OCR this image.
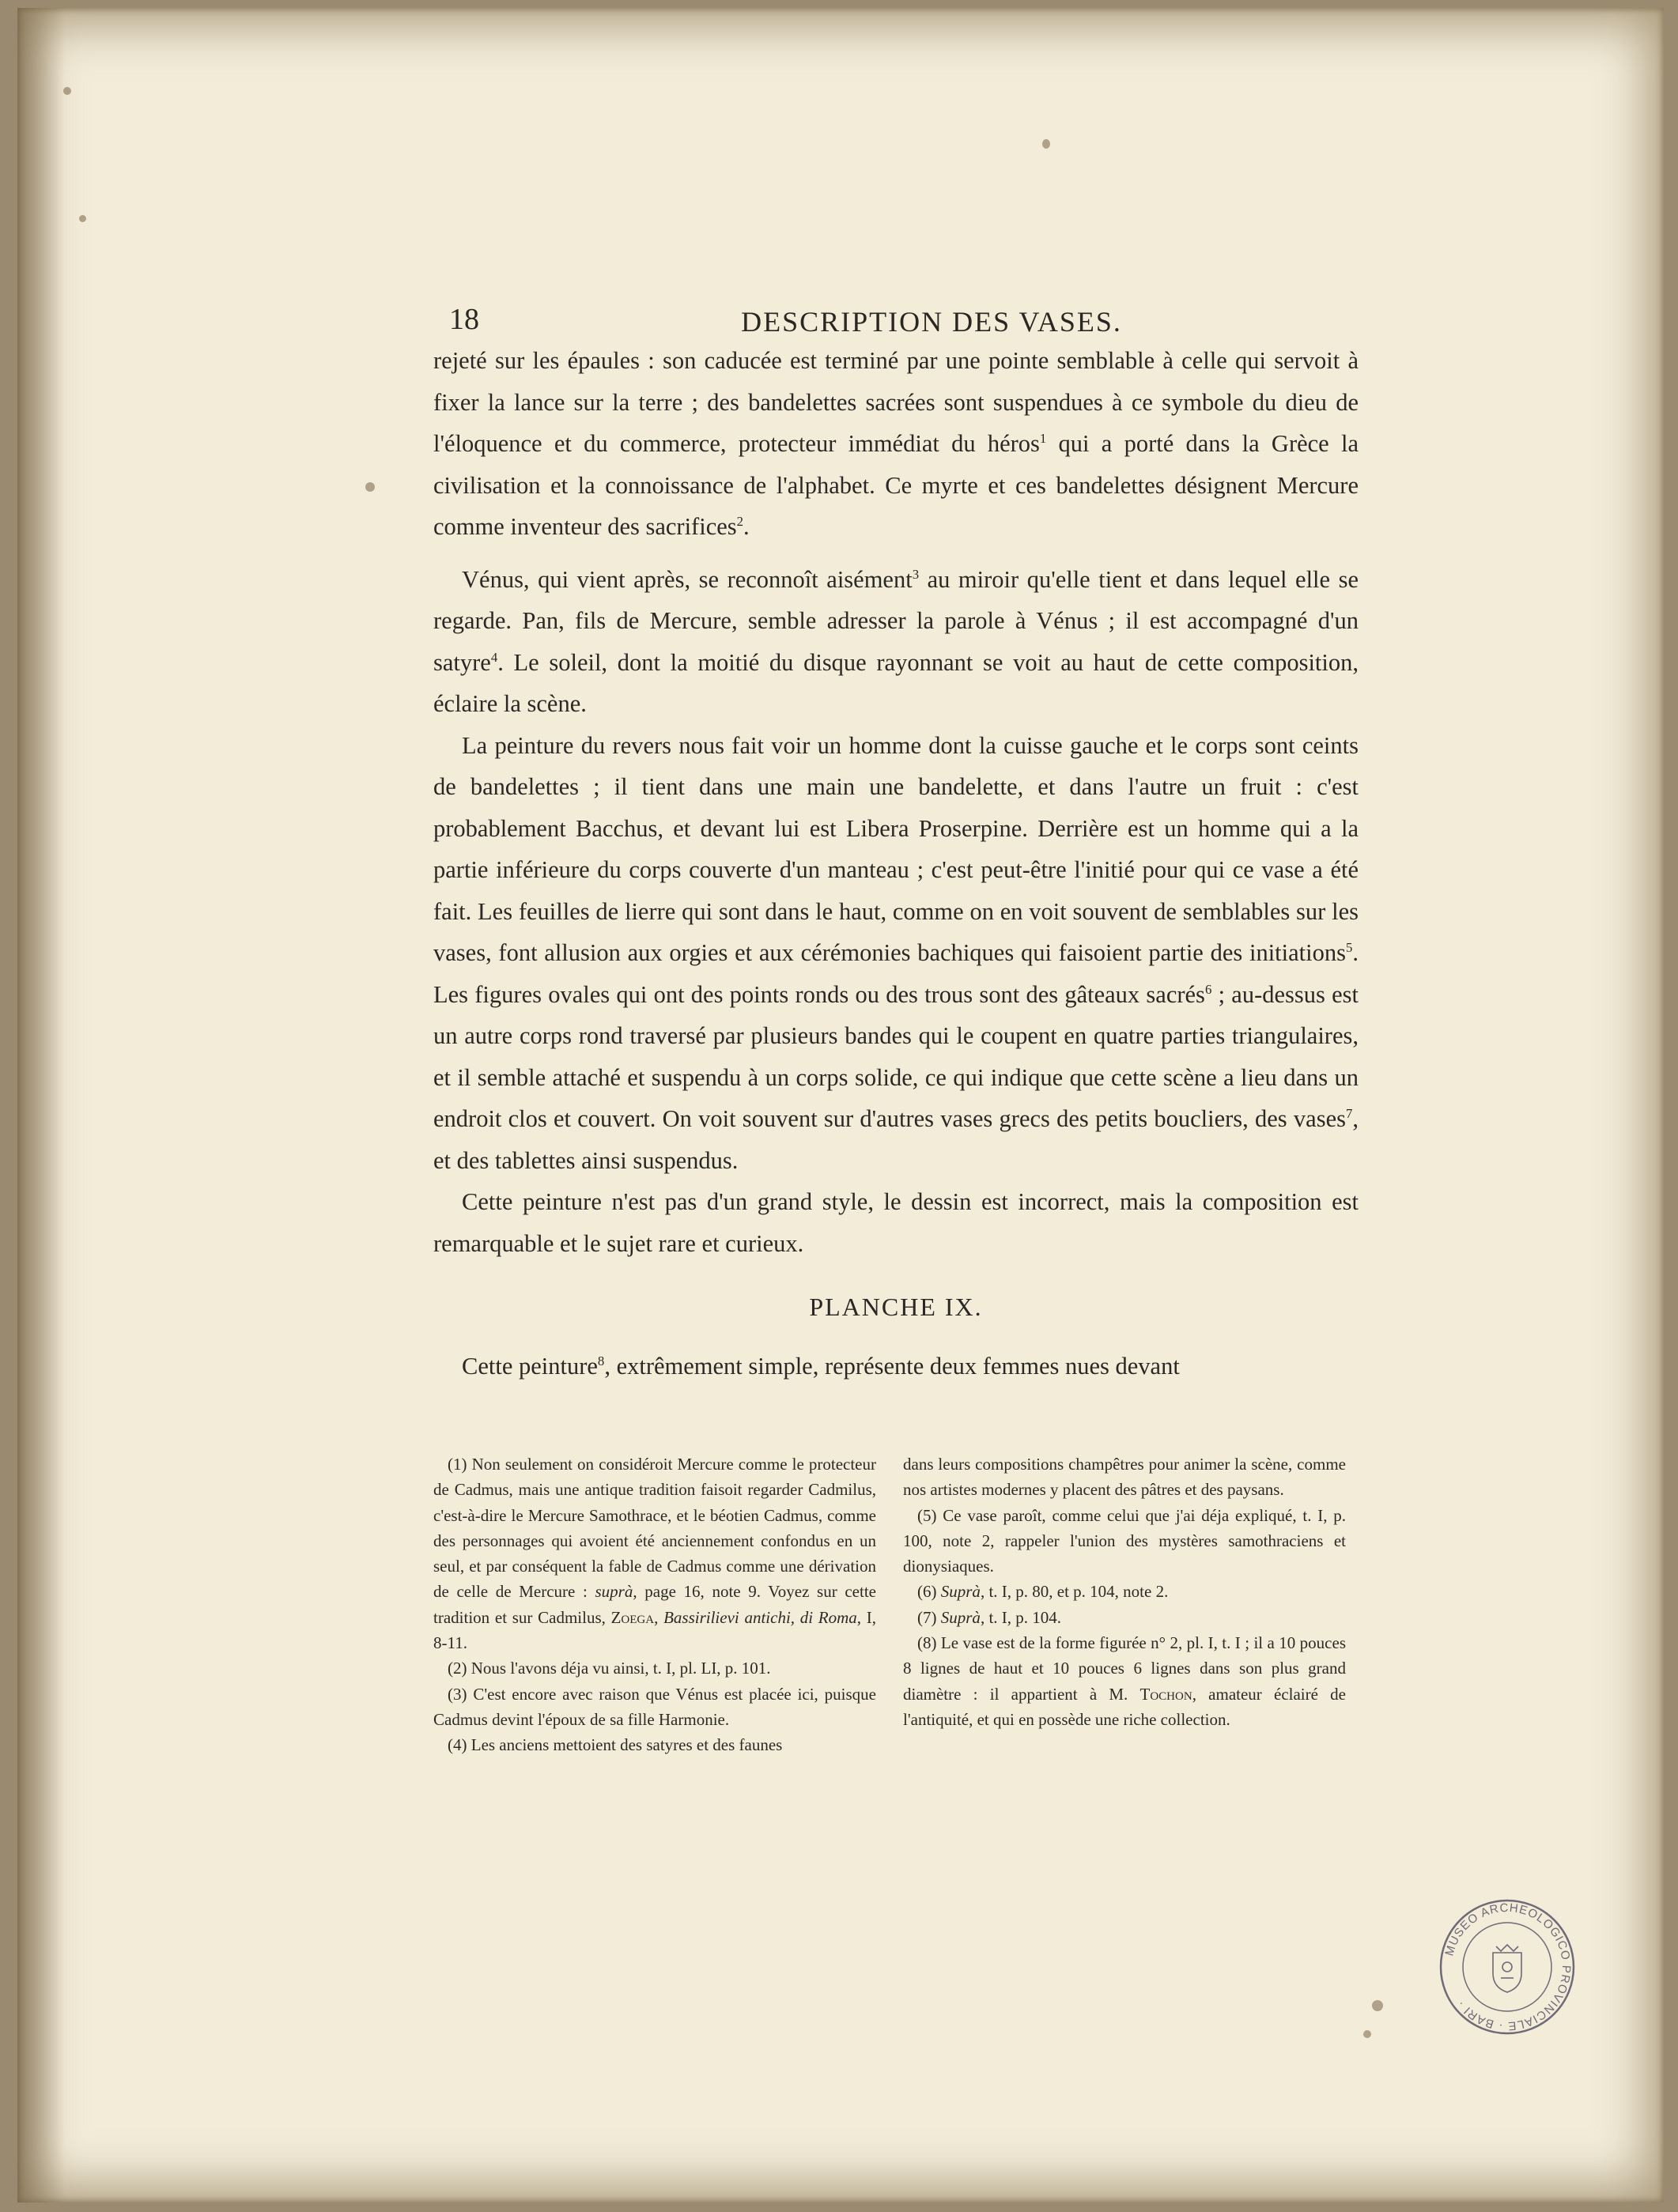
18	DESCRIPTION DES VASES.

rejeté sur les épaules : son caducée est terminé par une pointe semblable à celle qui servoit à fixer la lance sur la terre ; des bandelettes sacrées sont suspendues à ce symbole du dieu de l'éloquence et du commerce, protecteur immédiat du héros$^1$ qui a porté dans la Grèce la civilisation et la connoissance de l'alphabet. Ce myrte et ces bandelettes désignent Mercure comme inventeur des sacrifices$^2$.

Vénus, qui vient après, se reconnoît aisément$^3$ au miroir qu'elle tient et dans lequel elle se regarde. Pan, fils de Mercure, semble adresser la parole à Vénus ; il est accompagné d'un satyre$^4$. Le soleil, dont la moitié du disque rayonnant se voit au haut de cette composition, éclaire la scène.

La peinture du revers nous fait voir un homme dont la cuisse gauche et le corps sont ceints de bandelettes ; il tient dans une main une bandelette, et dans l'autre un fruit : c'est probablement Bacchus, et devant lui est Libera Proserpine. Derrière est un homme qui a la partie inférieure du corps couverte d'un manteau ; c'est peut-être l'initié pour qui ce vase a été fait. Les feuilles de lierre qui sont dans le haut, comme on en voit souvent de semblables sur les vases, font allusion aux orgies et aux cérémonies bachiques qui faisoient partie des initiations$^5$. Les figures ovales qui ont des points ronds ou des trous sont des gâteaux sacrés$^6$ ; au-dessus est un autre corps rond traversé par plusieurs bandes qui le coupent en quatre parties triangulaires, et il semble attaché et suspendu à un corps solide, ce qui indique que cette scène a lieu dans un endroit clos et couvert. On voit souvent sur d'autres vases grecs des petits boucliers, des vases$^7$, et des tablettes ainsi suspendus.

Cette peinture n'est pas d'un grand style, le dessin est incorrect, mais la composition est remarquable et le sujet rare et curieux.

PLANCHE IX.

Cette peinture$^8$, extrêmement simple, représente deux femmes nues devant

(1) Non seulement on considéroit Mercure comme le protecteur de Cadmus, mais une antique tradition faisoit regarder Cadmilus, c'est-à-dire le Mercure Samothrace, et le béotien Cadmus, comme des personnages qui avoient été anciennement confondus en un seul, et par conséquent la fable de Cadmus comme une dérivation de celle de Mercure : suprà, page 16, note 9. Voyez sur cette tradition et sur Cadmilus, Zoega, Bassirilievi antichi, di Roma, I, 8-11.

(2) Nous l'avons déja vu ainsi, t. I, pl. LI, p. 101.

(3) C'est encore avec raison que Vénus est placée ici, puisque Cadmus devint l'époux de sa fille Harmonie.

(4) Les anciens mettoient des satyres et des faunes

dans leurs compositions champêtres pour animer la scène, comme nos artistes modernes y placent des pâtres et des paysans.

(5) Ce vase paroît, comme celui que j'ai déja expliqué, t. I, p. 100, note 2, rappeler l'union des mystères samothraciens et dionysiaques.

(6) Suprà, t. I, p. 80, et p. 104, note 2.

(7) Suprà, t. I, p. 104.

(8) Le vase est de la forme figurée n° 2, pl. I, t. I ; il a 10 pouces 8 lignes de haut et 10 pouces 6 lignes dans son plus grand diamètre : il appartient à M. Tochon, amateur éclairé de l'antiquité, et qui en possède une riche collection.

MUSEO ARCHEOLOGICO PROVINCIALE · BARI ·
